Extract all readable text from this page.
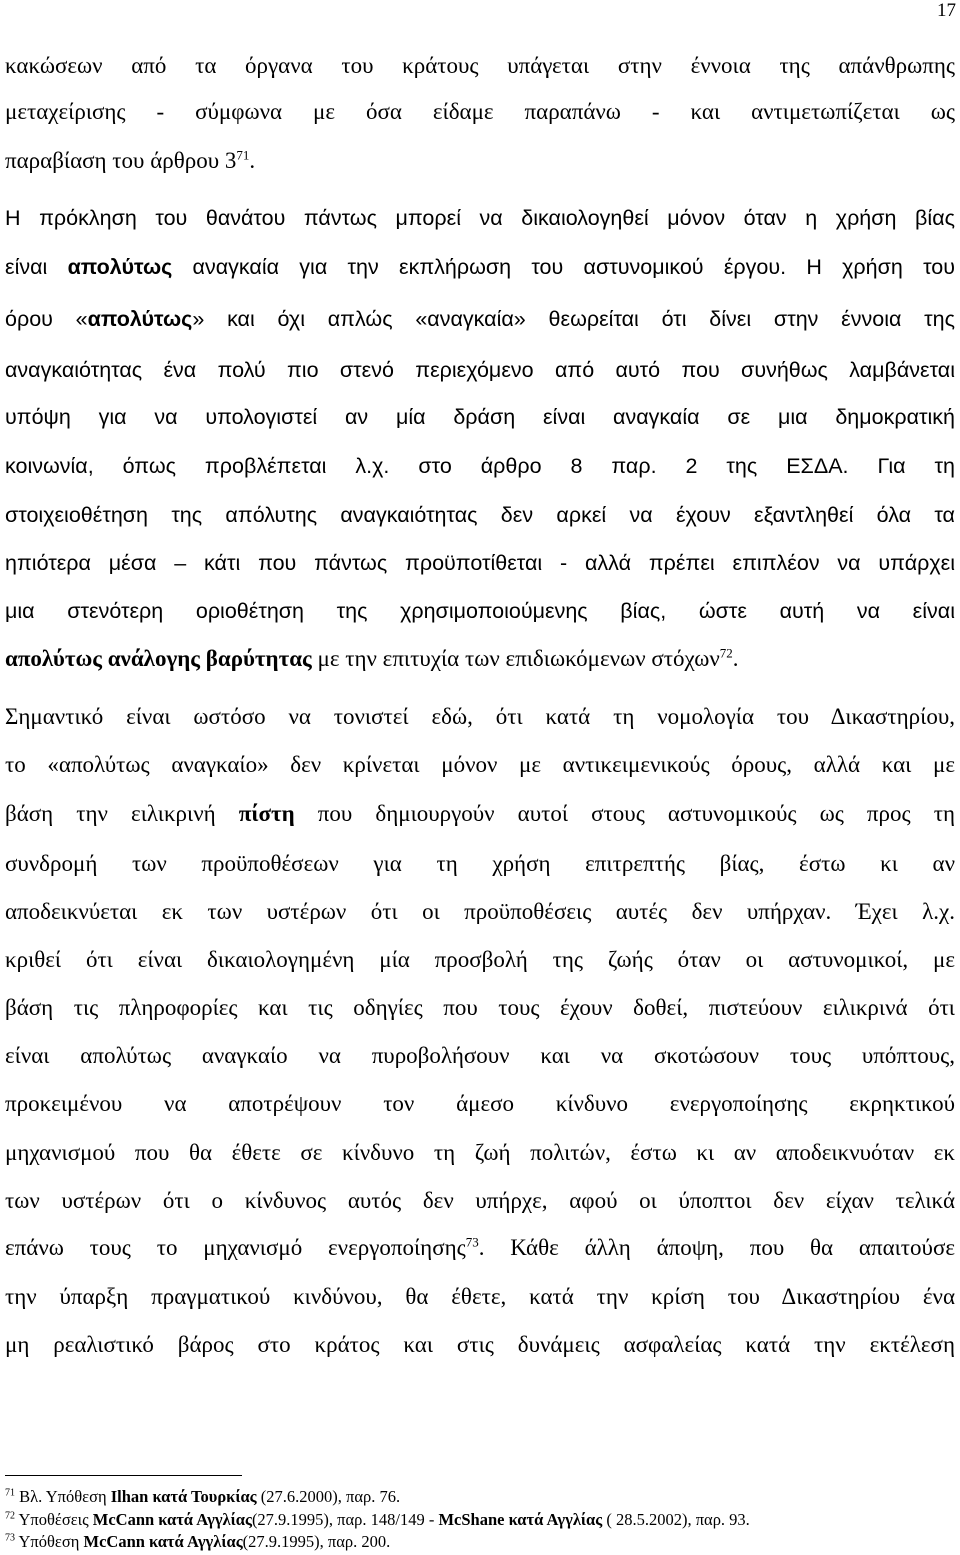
17
κακώσεων από τα όργανα του κράτους υπάγεται στην έννοια της απάνθρωπης
μεταχείρισης - σύμφωνα με όσα είδαμε παραπάνω - και αντιμετωπίζεται ως
παραβίαση του άρθρου $3^{71}$.
Η πρόκληση του θανάτου πάντως μπορεί να δικαιολογηθεί μόνον όταν η χρήση βίας
είναι απολύτως αναγκαία για την εκπλήρωση του αστυνομικού έργου. Η χρήση του
όρου «απολύτως» και όχι απλώς «αναγκαία» θεωρείται ότι δίνει στην έννοια της
αναγκαιότητας ένα πολύ πιο στενό περιεχόμενο από αυτό που συνήθως λαμβάνεται
υπόψη για να υπολογιστεί αν μία δράση είναι αναγκαία σε μια δημοκρατική
κοινωνία, όπως προβλέπεται λ.χ. στο άρθρο 8 παρ. 2 της ΕΣΔΑ. Για τη
στοιχειοθέτηση της απόλυτης αναγκαιότητας δεν αρκεί να έχουν εξαντληθεί όλα τα
ηπιότερα μέσα – κάτι που πάντως προϋποτίθεται - αλλά πρέπει επιπλέον να υπάρχει
μια στενότερη οριοθέτηση της χρησιμοποιούμενης βίας, ώστε αυτή να είναι
απολύτως ανάλογης βαρύτητας με την επιτυχία των επιδιωκόμενων στόχων$^{72}$.
Σημαντικό είναι ωστόσο να τονιστεί εδώ, ότι κατά τη νομολογία του Δικαστηρίου,
το «απολύτως αναγκαίο» δεν κρίνεται μόνον με αντικειμενικούς όρους, αλλά και με
βάση την ειλικρινή πίστη που δημιουργούν αυτοί στους αστυνομικούς ως προς τη
συνδρομή των προϋποθέσεων για τη χρήση επιτρεπτής βίας, έστω κι αν
αποδεικνύεται εκ των υστέρων ότι οι προϋποθέσεις αυτές δεν υπήρχαν. Έχει λ.χ.
κριθεί ότι είναι δικαιολογημένη μία προσβολή της ζωής όταν οι αστυνομικοί, με
βάση τις πληροφορίες και τις οδηγίες που τους έχουν δοθεί, πιστεύουν ειλικρινά ότι
είναι απολύτως αναγκαίο να πυροβολήσουν και να σκοτώσουν τους υπόπτους,
προκειμένου να αποτρέψουν τον άμεσο κίνδυνο ενεργοποίησης εκρηκτικού
μηχανισμού που θα έθετε σε κίνδυνο τη ζωή πολιτών, έστω κι αν αποδεικνυόταν εκ
των υστέρων ότι ο κίνδυνος αυτός δεν υπήρχε, αφού οι ύποπτοι δεν είχαν τελικά
επάνω τους το μηχανισμό ενεργοποίησης$^{73}$. Κάθε άλλη άποψη, που θα απαιτούσε
την ύπαρξη πραγματικού κινδύνου, θα έθετε, κατά την κρίση του Δικαστηρίου ένα
μη ρεαλιστικό βάρος στο κράτος και στις δυνάμεις ασφαλείας κατά την εκτέλεση
$^{71}$ Βλ. Υπόθεση Ilhan κατά Τουρκίας (27.6.2000), παρ. 76.
$^{72}$ Υποθέσεις McCann κατά Αγγλίας(27.9.1995), παρ. 148/149 - McShane κατά Αγγλίας ( 28.5.2002), παρ. 93.
$^{73}$ Υπόθεση McCann κατά Αγγλίας(27.9.1995), παρ. 200.
